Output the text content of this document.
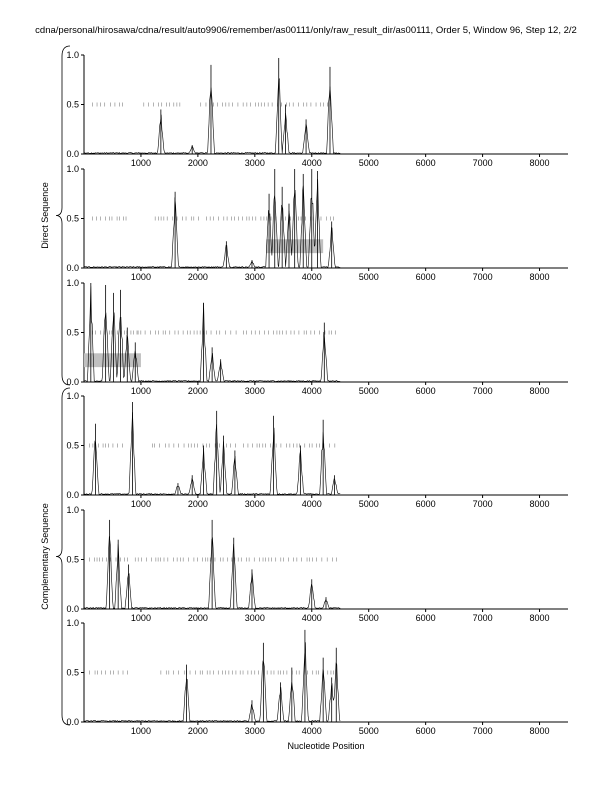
cdna/personal/hirosawa/cdna/result/auto9906/remember/as00111/only/raw_result_dir/as00111, Order 5, Window 96, Step 12, 2/2
0.0
0.5
1.0
1000	2000	3000	4000	5000	6000	7000	8000
0.0
0.5
1.0
1000	2000	3000	4000	5000	6000	7000	8000
0.0
0.5
1.0
1000	2000	3000	4000	5000	6000	7000	8000
0.0
0.5
1.0
1000	2000	3000	4000	5000	6000	7000	8000
0.0
0.5
1.0
1000	2000	3000	4000	5000	6000	7000	8000
0.0
0.5
1.0
1000	2000	3000	4000	5000	6000	7000	8000
Direct Sequence
Complementary Sequence
Nucleotide Position
